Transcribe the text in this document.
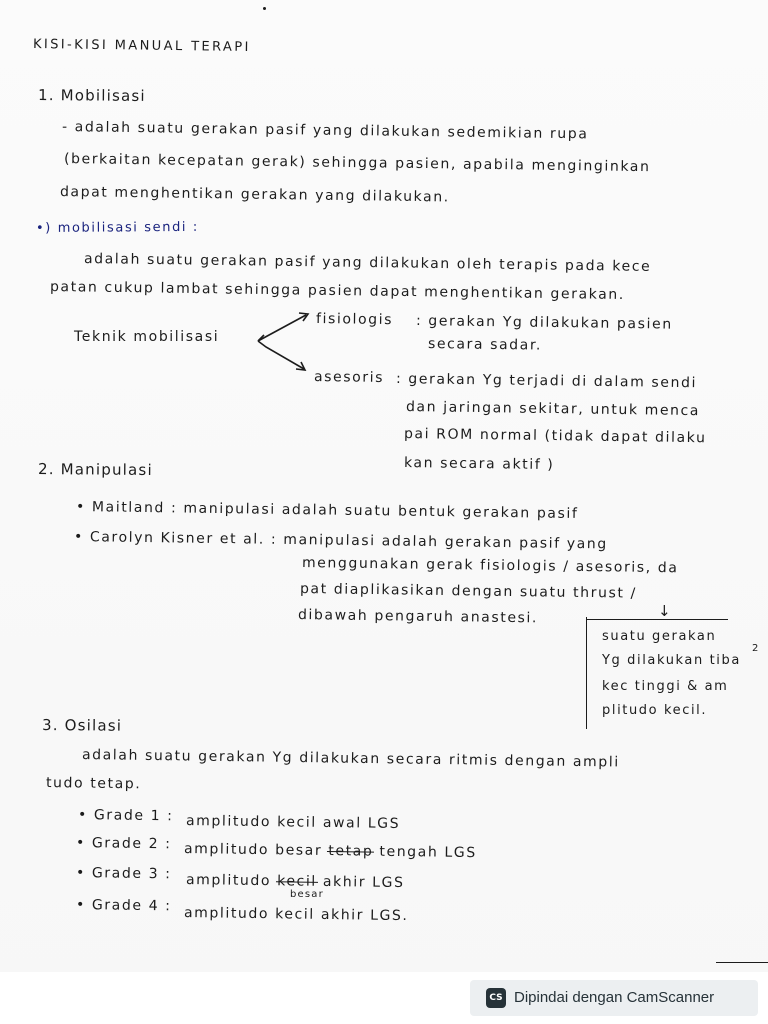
KISI-KISI MANUAL TERAPI
1. Mobilisasi
- adalah suatu gerakan pasif yang dilakukan sedemikian rupa
(berkaitan kecepatan gerak) sehingga pasien, apabila menginginkan
dapat menghentikan gerakan yang dilakukan.
•) mobilisasi sendi :
adalah suatu gerakan pasif yang dilakukan oleh terapis pada kece
patan cukup lambat sehingga pasien dapat menghentikan gerakan.
Teknik mobilisasi
fisiologis : gerakan Yg dilakukan pasien
secara sadar.
asesoris : gerakan Yg terjadi di dalam sendi
dan jaringan sekitar, untuk menca
pai ROM normal (tidak dapat dilaku
kan secara aktif )
2. Manipulasi
• Maitland : manipulasi adalah suatu bentuk gerakan pasif
• Carolyn Kisner et al. : manipulasi adalah gerakan pasif yang
menggunakan gerak fisiologis / asesoris, da
pat diaplikasikan dengan suatu thrust /
dibawah pengaruh anastesi.	↓
suatu gerakan
Yg dilakukan tiba
2
kec tinggi & am
plitudo kecil.
3. Osilasi
adalah suatu gerakan Yg dilakukan secara ritmis dengan ampli
tudo tetap.
• Grade 1 : amplitudo kecil awal LGS
• Grade 2 : amplitudo besar tetap tengah LGS
• Grade 3 : amplitudo kecil akhir LGS
besar
• Grade 4 : amplitudo kecil akhir LGS.
CS Dipindai dengan CamScanner
